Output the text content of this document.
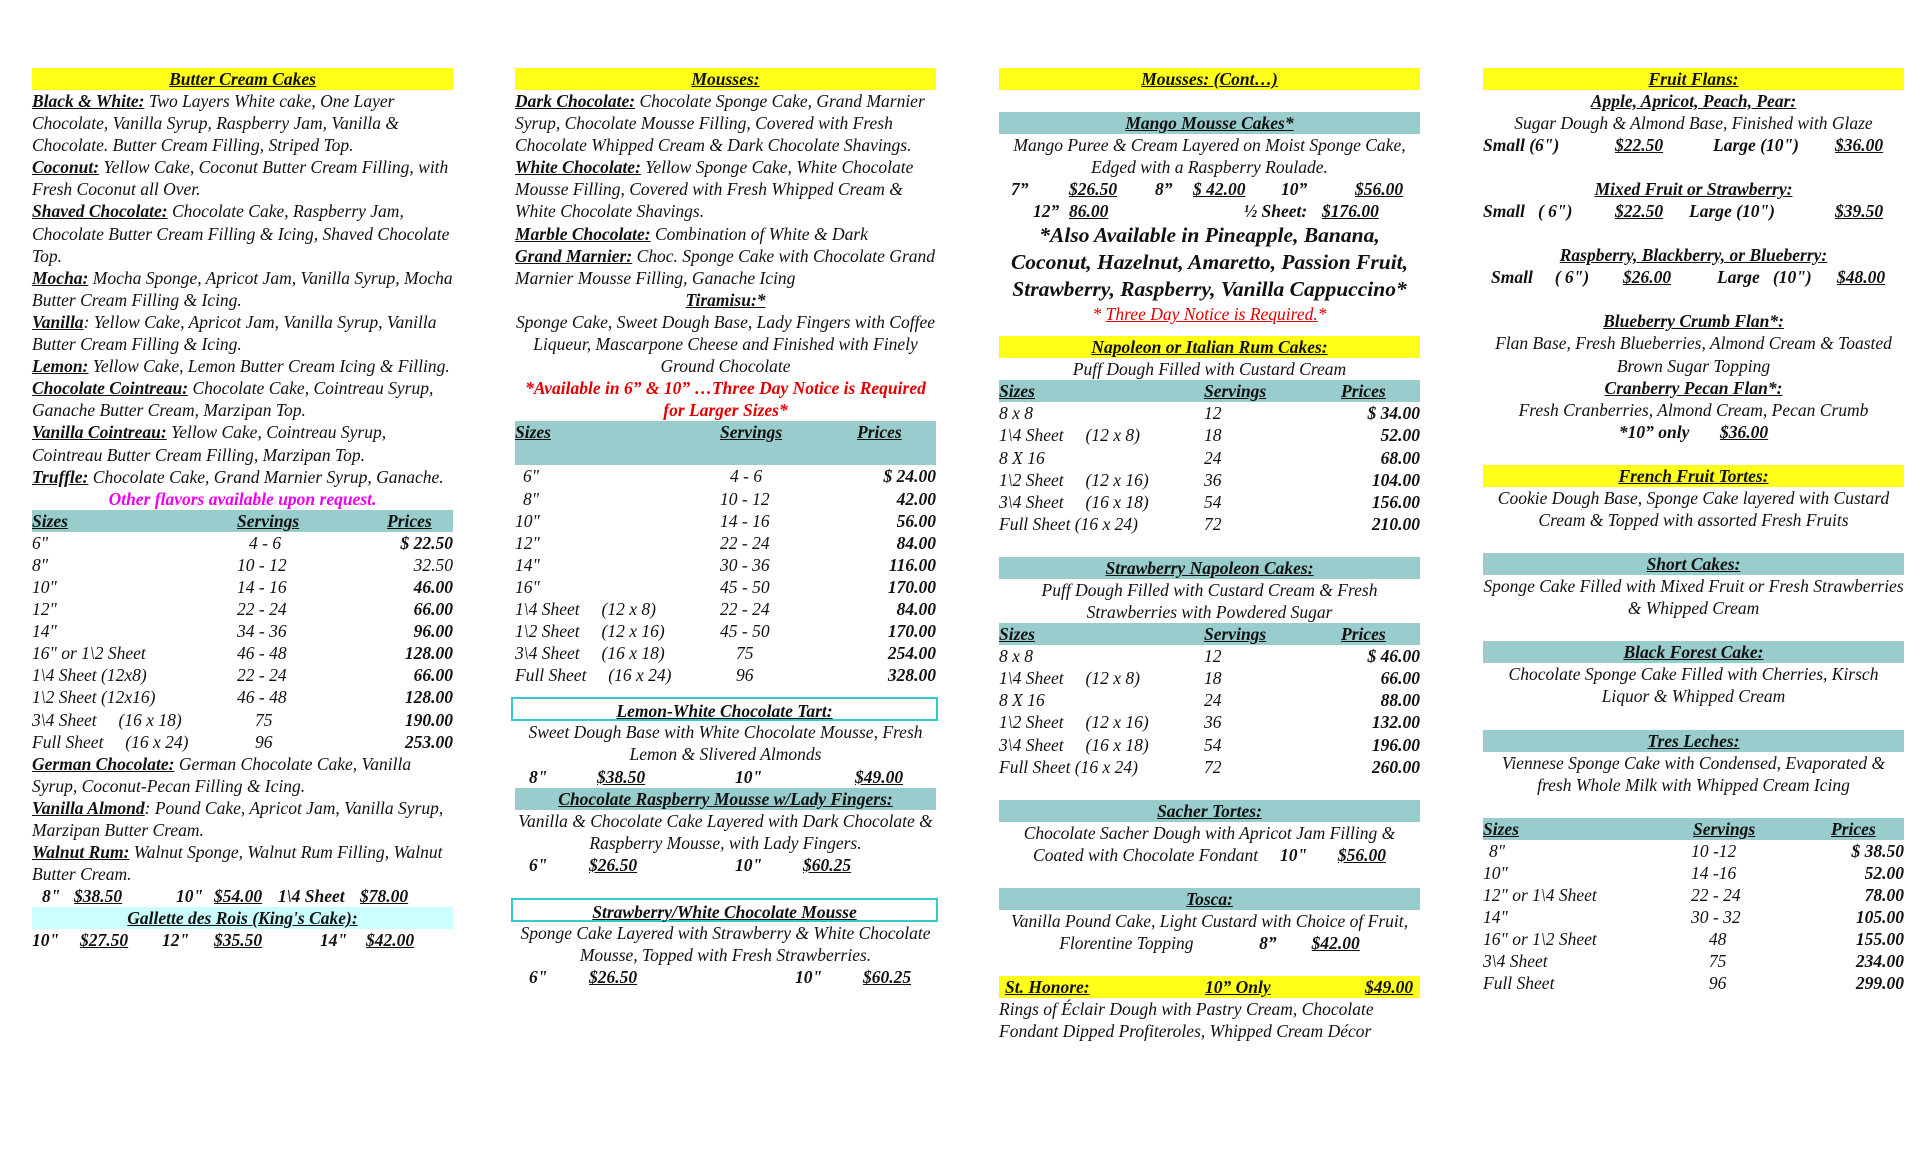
Butter Cream Cakes

Black & White: Two Layers White cake, One Layer Chocolate, Vanilla Syrup, Raspberry Jam, Vanilla & Chocolate. Butter Cream Filling, Striped Top.

Coconut: Yellow Cake, Coconut Butter Cream Filling, with Fresh Coconut all Over.

Shaved Chocolate: Chocolate Cake, Raspberry Jam, Chocolate Butter Cream Filling & Icing, Shaved Chocolate Top.

Mocha: Mocha Sponge, Apricot Jam, Vanilla Syrup, Mocha Butter Cream Filling & Icing.

Vanilla: Yellow Cake, Apricot Jam, Vanilla Syrup, Vanilla Butter Cream Filling & Icing.

Lemon: Yellow Cake, Lemon Butter Cream Icing & Filling.

Chocolate Cointreau: Chocolate Cake, Cointreau Syrup, Ganache Butter Cream, Marzipan Top.

Vanilla Cointreau: Yellow Cake, Cointreau Syrup, Cointreau Butter Cream Filling, Marzipan Top.

Truffle: Chocolate Cake, Grand Marnier Syrup, Ganache.

Other flavors available upon request.
Sizes	Servings	Prices
6"	4 - 6	$ 22.50
8"	10 - 12	32.50
10"	14 - 16	46.00
12"	22 - 24	66.00
14"	34 - 36	96.00
16" or 1\2 Sheet	46 - 48	128.00
1\4 Sheet (12x8)	22 - 24	66.00
1\2 Sheet (12x16)	46 - 48	128.00
3\4 Sheet     (16 x 18)	75	190.00
Full Sheet     (16 x 24)	96	253.00

German Chocolate: German Chocolate Cake, Vanilla Syrup, Coconut-Pecan Filling & Icing.

Vanilla Almond: Pound Cake, Apricot Jam, Vanilla Syrup, Marzipan Butter Cream.

Walnut Rum: Walnut Sponge, Walnut Rum Filling, Walnut Butter Cream.

8" $38.50	10" $54.00 1\4 Sheet $78.00
Gallette des Rois (King's Cake):
10"	$27.50	12"	$35.50	14"	$42.00
Mousses:

Dark Chocolate: Chocolate Sponge Cake, Grand Marnier Syrup, Chocolate Mousse Filling, Covered with Fresh Chocolate Whipped Cream & Dark Chocolate Shavings.

White Chocolate: Yellow Sponge Cake, White Chocolate Mousse Filling, Covered with Fresh Whipped Cream & White Chocolate Shavings.

Marble Chocolate: Combination of White & Dark

Grand Marnier: Choc. Sponge Cake with Chocolate Grand Marnier Mousse Filling, Ganache Icing

Tiramisu:*
Sponge Cake, Sweet Dough Base, Lady Fingers with Coffee Liqueur, Mascarpone Cheese and Finished with Finely Ground Chocolate
*Available in 6” & 10” …Three Day Notice is Required for Larger Sizes*
Sizes	Servings	Prices
6"	4 - 6	$ 24.00
8"	10 - 12	42.00
10"	14 - 16	56.00
12"	22 - 24	84.00
14"	30 - 36	116.00
16"	45 - 50	170.00
1\4 Sheet     (12 x 8)	22 - 24	84.00
1\2 Sheet     (12 x 16)	45 - 50	170.00
3\4 Sheet     (16 x 18)	75	254.00
Full Sheet     (16 x 24)	96	328.00
Lemon-White Chocolate Tart:
Sweet Dough Base with White Chocolate Mousse, Fresh Lemon & Slivered Almonds
8"	$38.50	10"	$49.00
Chocolate Raspberry Mousse w/Lady Fingers:
Vanilla & Chocolate Cake Layered with Dark Chocolate & Raspberry Mousse, with Lady Fingers.
6"	$26.50	10"	$60.25
Strawberry/White Chocolate Mousse
Sponge Cake Layered with Strawberry & White Chocolate Mousse, Topped with Fresh Strawberries.
6"	$26.50	10"	$60.25
Mousses: (Cont…)
Mango Mousse Cakes*
Mango Puree & Cream Layered on Moist Sponge Cake, Edged with a Raspberry Roulade.
7”	$26.50	8”	$ 42.00	10”	$56.00
12” 86.00	½ Sheet: $176.00
*Also Available in Pineapple, Banana, Coconut, Hazelnut, Amaretto, Passion Fruit, Strawberry, Raspberry, Vanilla Cappuccino*
* Three Day Notice is Required.*
Napoleon or Italian Rum Cakes:
Puff Dough Filled with Custard Cream
Sizes	Servings	Prices
8 x 8	12	$ 34.00
1\4 Sheet     (12 x 8)	18	52.00
8 X 16	24	68.00
1\2 Sheet     (12 x 16)	36	104.00
3\4 Sheet     (16 x 18)	54	156.00
Full Sheet (16 x 24)	72	210.00
Strawberry Napoleon Cakes:
Puff Dough Filled with Custard Cream & Fresh Strawberries with Powdered Sugar
Sizes	Servings	Prices
8 x 8	12	$ 46.00
1\4 Sheet     (12 x 8)	18	66.00
8 X 16	24	88.00
1\2 Sheet     (12 x 16)	36	132.00
3\4 Sheet     (16 x 18)	54	196.00
Full Sheet (16 x 24)	72	260.00
Sacher Tortes:
Chocolate Sacher Dough with Apricot Jam Filling & Coated with Chocolate Fondant 10" $56.00
Tosca:
Vanilla Pound Cake, Light Custard with Choice of Fruit, Florentine Topping	8” $42.00
St. Honore:	10” Only	$49.00
Rings of Éclair Dough with Pastry Cream, Chocolate Fondant Dipped Profiteroles, Whipped Cream Décor
Fruit Flans:
Apple, Apricot, Peach, Pear:
Sugar Dough & Almond Base, Finished with Glaze
Small (6")	$22.50	Large (10")	$36.00
Mixed Fruit or Strawberry:
Small   ( 6")	$22.50	Large (10")	$39.50
Raspberry, Blackberry, or Blueberry:
Small     ( 6")	$26.00	Large   (10")	$48.00
Blueberry Crumb Flan*:
Flan Base, Fresh Blueberries, Almond Cream & Toasted Brown Sugar Topping
Cranberry Pecan Flan*:
Fresh Cranberries, Almond Cream, Pecan Crumb
*10” only $36.00
French Fruit Tortes:
Cookie Dough Base, Sponge Cake layered with Custard Cream & Topped with assorted Fresh Fruits
Short Cakes:
Sponge Cake Filled with Mixed Fruit or Fresh Strawberries & Whipped Cream
Black Forest Cake:
Chocolate Sponge Cake Filled with Cherries, Kirsch Liquor & Whipped Cream
Tres Leches:
Viennese Sponge Cake with Condensed, Evaporated & fresh Whole Milk with Whipped Cream Icing
Sizes	Servings	Prices
8"	10 -12	$ 38.50
10"	14 -16	52.00
12" or 1\4 Sheet	22 - 24	78.00
14"	30 - 32	105.00
16" or 1\2 Sheet	48	155.00
3\4 Sheet	75	234.00
Full Sheet	96	299.00
